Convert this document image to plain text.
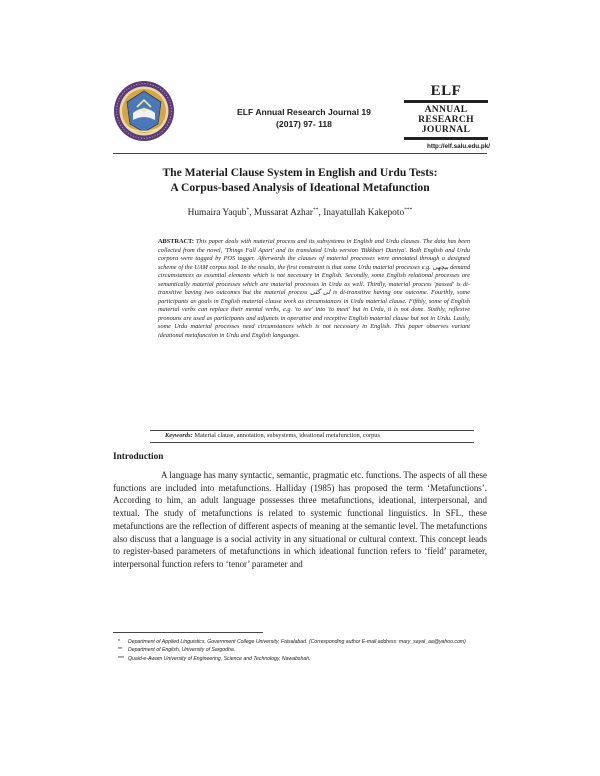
ELF Annual Research Journal 19
(2017) 97- 118
ELF
ANNUAL
RESEARCH
JOURNAL
http://elf.salu.edu.pk/
The Material Clause System in English and Urdu Tests:
A Corpus-based Analysis of Ideational Metafunction
Humaira Yaqub*, Mussarat Azhar**, Inayatullah Kakepoto***
ABSTRACT: This paper deals with material process and its subsystems in English and Urdu clauses. The data has been collected from the novel, 'Things Fall Apart' and its translated Urdu version 'Bikkhari Duniya'. Both English and Urdu corpora were tagged by POS tagger. Afterwards the clauses of material processes were annotated through a designed scheme of the UAM corpus tool. In the results, the first constraint is that some Urdu material processes e.g. بیچھی demand circumstances as essential elements which is not necessary in English. Secondly, some English relational processes are semantically material processes which are material processes in Urdu as well. Thirdly, material process 'passed' is di-transitive having two outcomes but the material process لی گئی is di-transitive having one outcome. Fourthly, some participants as goals in English material clause work as circumstances in Urdu material clause. Fifthly, some of English material verbs can replace their mental verbs, e.g. 'to see' into 'to meet' but in Urdu, it is not done. Sixthly, reflexive pronouns are used as participants and adjuncts in operative and receptive English material clause but not in Urdu. Lastly, some Urdu material processes need circumstances which is not necessary in English. This paper observes variant ideational metafunction in Urdu and English languages.
Keywords: Material clause, annotation, subsystems, ideational metafunction, corpus
Introduction
A language has many syntactic, semantic, pragmatic etc. functions. The aspects of all these functions are included into metafunctions. Halliday (1985) has proposed the term ‘Metafunctions’. According to him, an adult language possesses three metafunctions, ideational, interpersonal, and textual. The study of metafunctions is related to systemic functional linguistics. In SFL, these metafunctions are the reflection of different aspects of meaning at the semantic level. The metafunctions also discuss that a language is a social activity in any situational or cultural context. This concept leads to register-based parameters of metafunctions in which ideational function refers to ‘field’ parameter, interpersonal function refers to ‘tenor’ parameter and
* Department of Applied Linguistics, Government College University, Faisalabad. (Corresponding author E-mail address: mary_sayal_aa@yahoo.com)
** Department of English, University of Sargodha.
*** Quaid-e-Awam University of Engineering, Science and Technology, Nawabshah.
